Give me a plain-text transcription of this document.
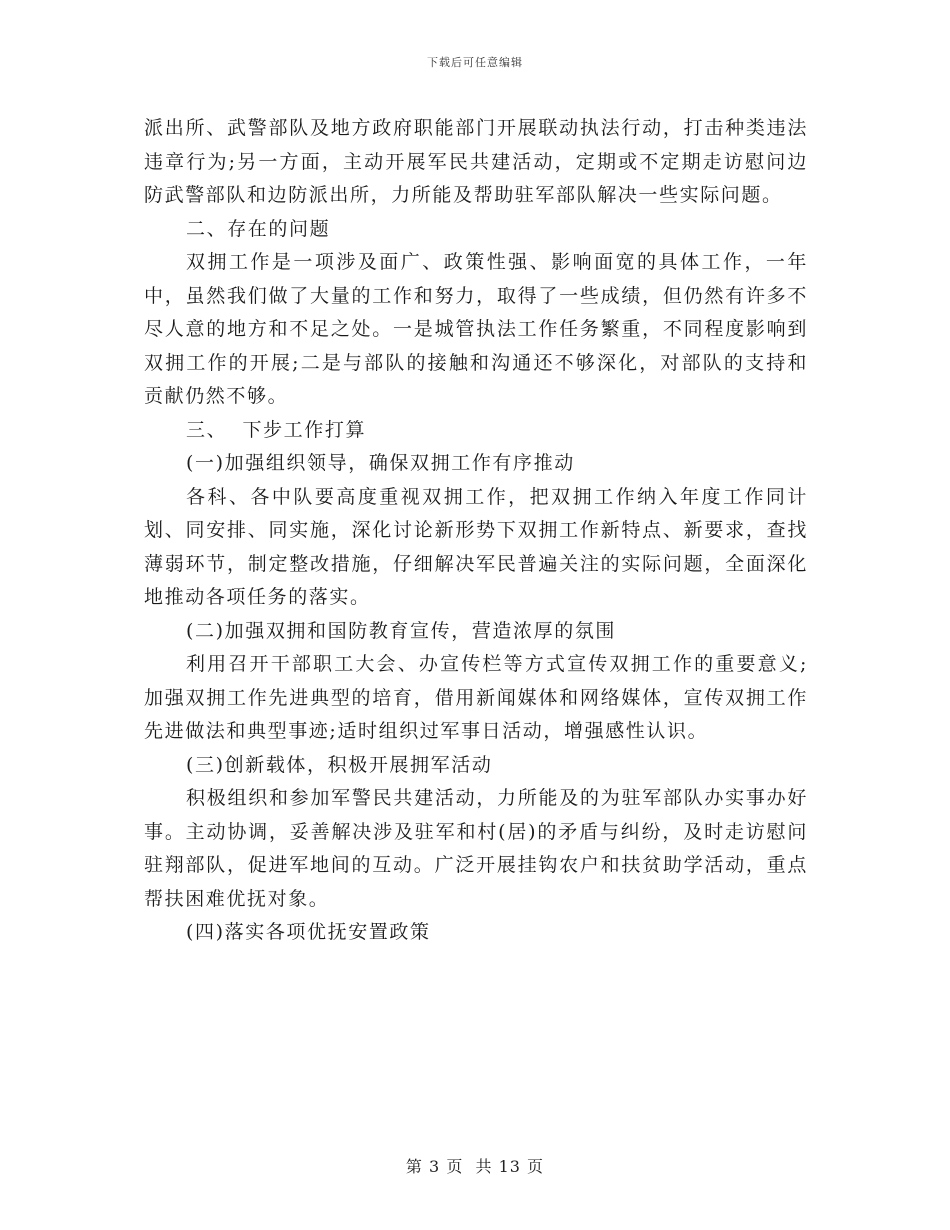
下载后可任意编辑

派出所、武警部队及地方政府职能部门开展联动执法行动，打击种类违法违章行为;另一方面，主动开展军民共建活动，定期或不定期走访慰问边防武警部队和边防派出所，力所能及帮助驻军部队解决一些实际问题。

二、存在的问题

双拥工作是一项涉及面广、政策性强、影响面宽的具体工作，一年中，虽然我们做了大量的工作和努力，取得了一些成绩，但仍然有许多不尽人意的地方和不足之处。一是城管执法工作任务繁重，不同程度影响到双拥工作的开展;二是与部队的接触和沟通还不够深化，对部队的支持和贡献仍然不够。

三、  下步工作打算

(一)加强组织领导，确保双拥工作有序推动

各科、各中队要高度重视双拥工作，把双拥工作纳入年度工作同计划、同安排、同实施，深化讨论新形势下双拥工作新特点、新要求，查找薄弱环节，制定整改措施，仔细解决军民普遍关注的实际问题，全面深化地推动各项任务的落实。

(二)加强双拥和国防教育宣传，营造浓厚的氛围

利用召开干部职工大会、办宣传栏等方式宣传双拥工作的重要意义;加强双拥工作先进典型的培育，借用新闻媒体和网络媒体，宣传双拥工作先进做法和典型事迹;适时组织过军事日活动，增强感性认识。

(三)创新载体，积极开展拥军活动

积极组织和参加军警民共建活动，力所能及的为驻军部队办实事办好事。主动协调，妥善解决涉及驻军和村(居)的矛盾与纠纷，及时走访慰问驻翔部队，促进军地间的互动。广泛开展挂钩农户和扶贫助学活动，重点帮扶困难优抚对象。

(四)落实各项优抚安置政策

第 3 页  共 13 页
